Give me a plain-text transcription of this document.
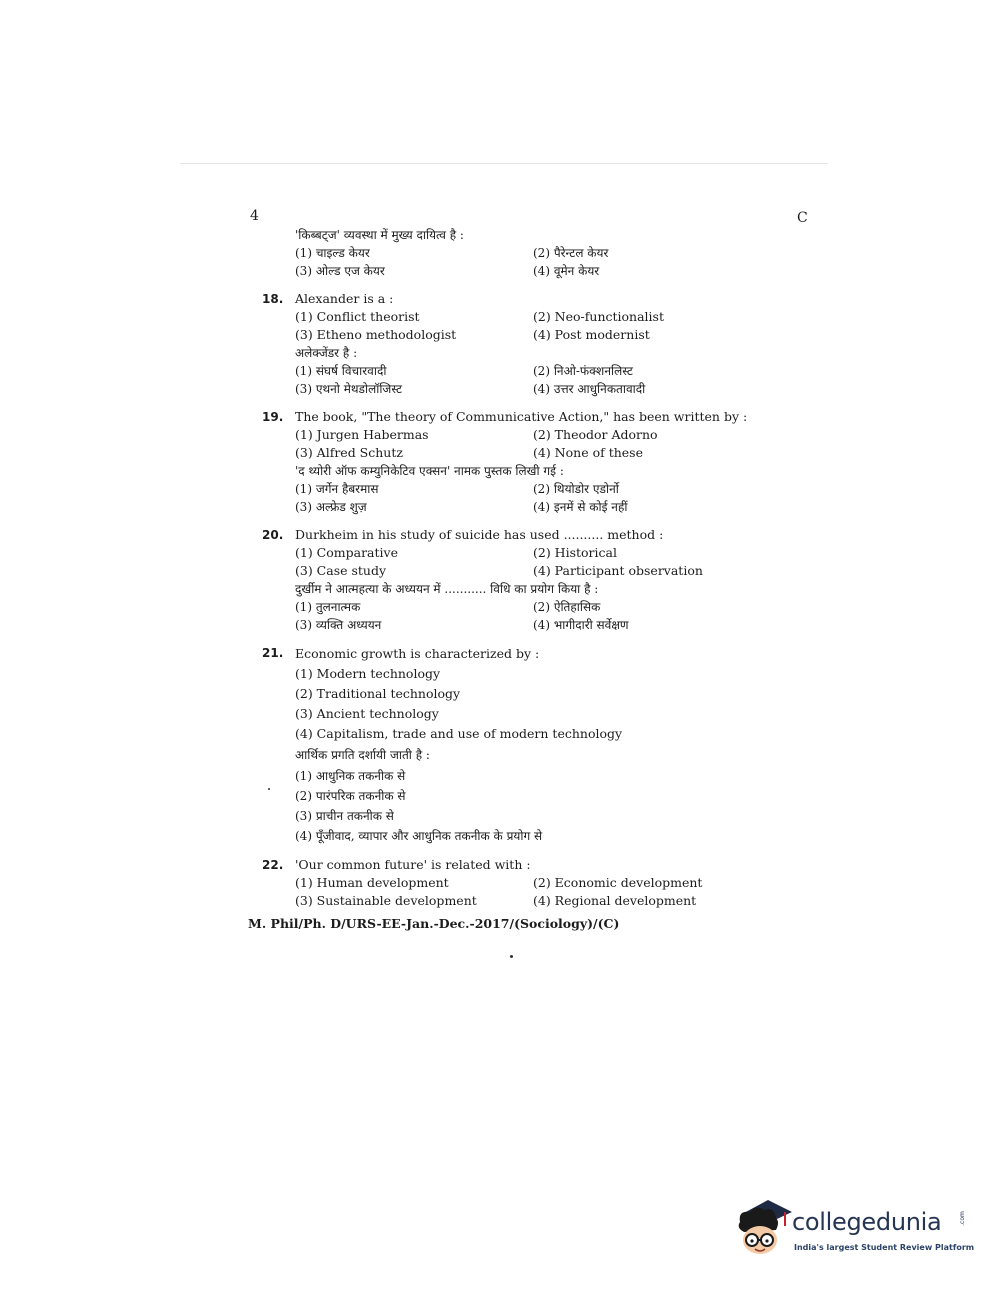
4	C
'किब्बट्ज' व्यवस्था में मुख्य दायित्व है :
(1) चाइल्ड केयर	(2) पैरेन्टल केयर
(3) ओल्ड एज केयर	(4) वूमेन केयर
18. Alexander is a :
(1) Conflict theorist	(2) Neo-functionalist
(3) Etheno methodologist	(4) Post modernist
अलेक्जेंडर है :
(1) संघर्ष विचारवादी	(2) निओ-फंक्शनलिस्ट
(3) एथनो मेथडोलॉजिस्ट	(4) उत्तर आधुनिकतावादी
19. The book, "The theory of Communicative Action," has been written by :
(1) Jurgen Habermas	(2) Theodor Adorno
(3) Alfred Schutz	(4) None of these
'द थ्योरी ऑफ कम्युनिकेटिव एक्सन' नामक पुस्तक लिखी गई :
(1) जर्गेन हैबरमास	(2) थियोडोर एडोर्नो
(3) अल्फ्रेड शुज़	(4) इनमें से कोई नहीं
20. Durkheim in his study of suicide has used .......... method :
(1) Comparative	(2) Historical
(3) Case study	(4) Participant observation
दुर्खीम ने आत्महत्या के अध्ययन में ........... विधि का प्रयोग किया है :
(1) तुलनात्मक	(2) ऐतिहासिक
(3) व्यक्ति अध्ययन	(4) भागीदारी सर्वेक्षण
21. Economic growth is characterized by :
(1) Modern technology
(2) Traditional technology
(3) Ancient technology
(4) Capitalism, trade and use of modern technology
आर्थिक प्रगति दर्शायी जाती है :
(1) आधुनिक तकनीक से
(2) पारंपरिक तकनीक से
(3) प्राचीन तकनीक से
(4) पूँजीवाद, व्यापार और आधुनिक तकनीक के प्रयोग से
22. 'Our common future' is related with :
(1) Human development	(2) Economic development
(3) Sustainable development	(4) Regional development
M. Phil/Ph. D/URS-EE-Jan.-Dec.-2017/(Sociology)/(C)
collegedunia	.com
India's largest Student Review Platform
